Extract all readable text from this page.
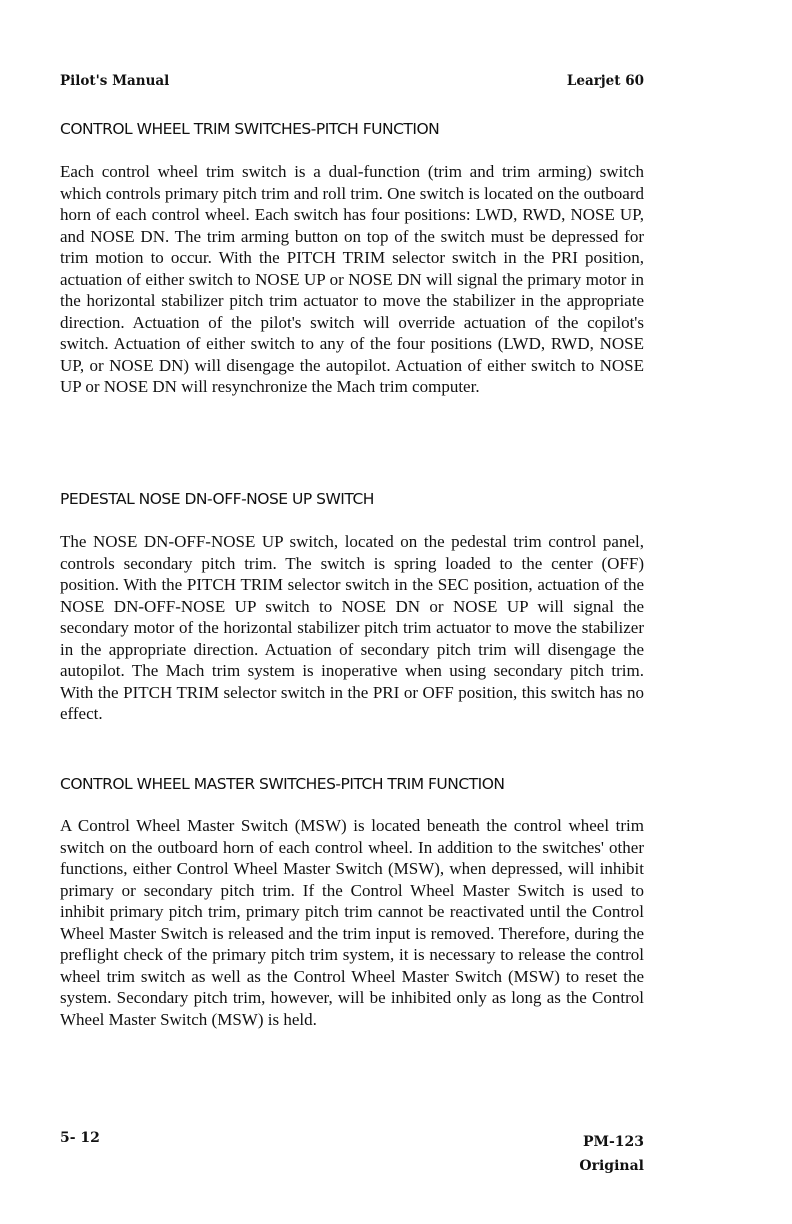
Pilot's Manual	Learjet 60
CONTROL WHEEL TRIM SWITCHES-PITCH FUNCTION
Each control wheel trim switch is a dual-function (trim and trim arming) switch which controls primary pitch trim and roll trim. One switch is located on the outboard horn of each control wheel. Each switch has four positions: LWD, RWD, NOSE UP, and NOSE DN. The trim arming button on top of the switch must be depressed for trim motion to occur. With the PITCH TRIM selector switch in the PRI position, actuation of either switch to NOSE UP or NOSE DN will signal the primary motor in the horizontal stabilizer pitch trim actuator to move the stabilizer in the appropriate direction. Actuation of the pilot's switch will override actuation of the copilot's switch. Actuation of either switch to any of the four positions (LWD, RWD, NOSE UP, or NOSE DN) will disengage the autopilot. Actuation of either switch to NOSE UP or NOSE DN will resynchronize the Mach trim computer.
PEDESTAL NOSE DN-OFF-NOSE UP SWITCH
The NOSE DN-OFF-NOSE UP switch, located on the pedestal trim control panel, controls secondary pitch trim. The switch is spring loaded to the center (OFF) position. With the PITCH TRIM selector switch in the SEC position, actuation of the NOSE DN-OFF-NOSE UP switch to NOSE DN or NOSE UP will signal the secondary motor of the horizontal stabilizer pitch trim actuator to move the stabilizer in the appropriate direction. Actuation of secondary pitch trim will disengage the autopilot. The Mach trim system is inoperative when using secondary pitch trim. With the PITCH TRIM selector switch in the PRI or OFF position, this switch has no effect.
CONTROL WHEEL MASTER SWITCHES-PITCH TRIM FUNCTION
A Control Wheel Master Switch (MSW) is located beneath the control wheel trim switch on the outboard horn of each control wheel. In addition to the switches' other functions, either Control Wheel Master Switch (MSW), when depressed, will inhibit primary or secondary pitch trim. If the Control Wheel Master Switch is used to inhibit primary pitch trim, primary pitch trim cannot be reactivated until the Control Wheel Master Switch is released and the trim input is removed. Therefore, during the preflight check of the primary pitch trim system, it is necessary to release the control wheel trim switch as well as the Control Wheel Master Switch (MSW) to reset the system. Secondary pitch trim, however, will be inhibited only as long as the Control Wheel Master Switch (MSW) is held.
5- 12	PM-123
Original
